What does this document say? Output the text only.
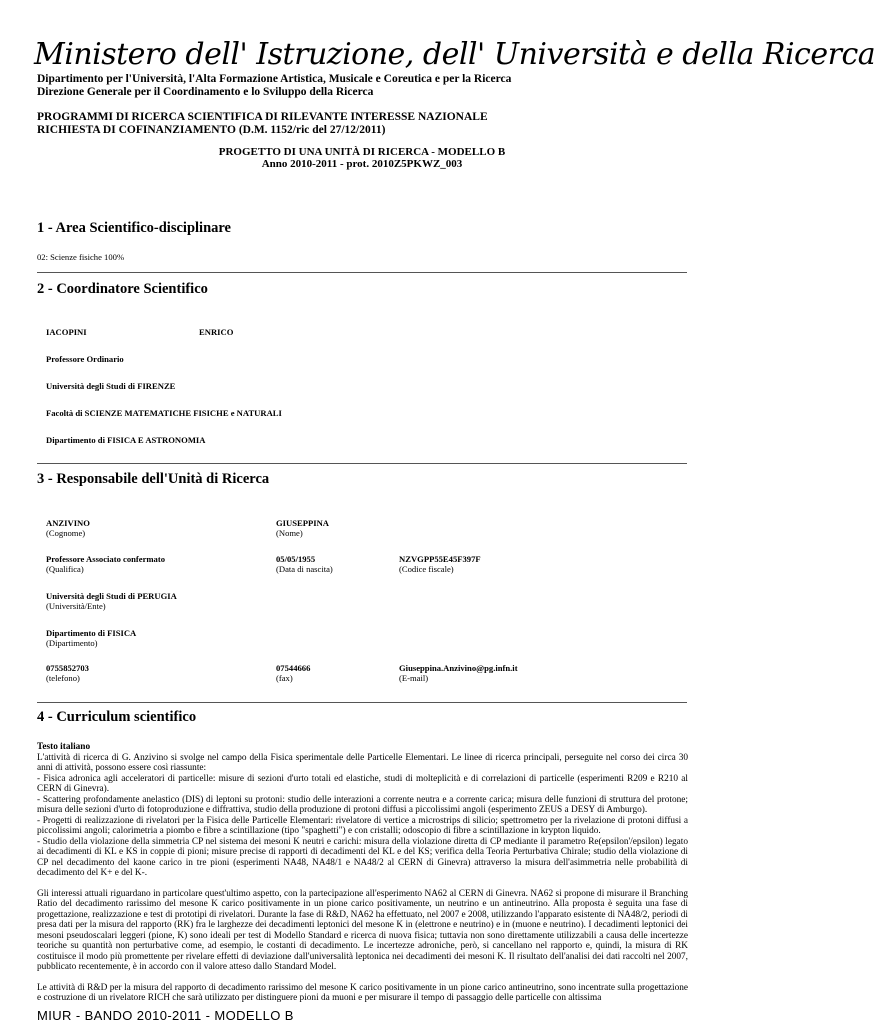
Ministero dell' Istruzione, dell' Università e della Ricerca
Dipartimento per l'Università, l'Alta Formazione Artistica, Musicale e Coreutica e per la Ricerca
Direzione Generale per il Coordinamento e lo Sviluppo della Ricerca
PROGRAMMI DI RICERCA SCIENTIFICA DI RILEVANTE INTERESSE NAZIONALE
RICHIESTA DI COFINANZIAMENTO (D.M. 1152/ric del 27/12/2011)
PROGETTO DI UNA UNITÀ DI RICERCA - MODELLO B
Anno 2010-2011 - prot. 2010Z5PKWZ_003
1 - Area Scientifico-disciplinare
02: Scienze fisiche 100%
2 - Coordinatore Scientifico
IACOPINI	ENRICO
Professore Ordinario
Università degli Studi di FIRENZE
Facoltà di SCIENZE MATEMATICHE FISICHE e NATURALI
Dipartimento di FISICA E ASTRONOMIA
3 - Responsabile dell'Unità di Ricerca
ANZIVINO
(Cognome)
GIUSEPPINA
(Nome)
Professore Associato confermato
(Qualifica)
05/05/1955
(Data di nascita)
NZVGPP55E45F397F
(Codice fiscale)
Università degli Studi di PERUGIA
(Università/Ente)
Dipartimento di FISICA
(Dipartimento)
0755852703
(telefono)
07544666
(fax)
Giuseppina.Anzivino@pg.infn.it
(E-mail)
4 - Curriculum scientifico

Testo italiano
L'attività di ricerca di G. Anzivino si svolge nel campo della Fisica sperimentale delle Particelle Elementari. Le linee di ricerca principali, perseguite nel corso dei circa 30 anni di attività, possono essere così riassunte:
- Fisica adronica agli acceleratori di particelle: misure di sezioni d'urto totali ed elastiche, studi di molteplicità e di correlazioni di particelle (esperimenti R209 e R210 al CERN di Ginevra).
- Scattering profondamente anelastico (DIS) di leptoni su protoni: studio delle interazioni a corrente neutra e a corrente carica; misura delle funzioni di struttura del protone; misura delle sezioni d'urto di fotoproduzione e diffrattiva, studio della produzione di protoni diffusi a piccolissimi angoli (esperimento ZEUS a DESY di Amburgo).
- Progetti di realizzazione di rivelatori per la Fisica delle Particelle Elementari: rivelatore di vertice a microstrips di silicio; spettrometro per la rivelazione di protoni diffusi a piccolissimi angoli; calorimetria a piombo e fibre a scintillazione (tipo "spaghetti") e con cristalli; odoscopio di fibre a scintillazione in krypton liquido.
- Studio della violazione della simmetria CP nel sistema dei mesoni K neutri e carichi: misura della violazione diretta di CP mediante il parametro Re(epsilon'/epsilon) legato ai decadimenti di KL e KS in coppie di pioni; misure precise di rapporti di decadimenti del KL e del KS; verifica della Teoria Perturbativa Chirale; studio della violazione di CP nel decadimento del kaone carico in tre pioni (esperimenti NA48, NA48/1 e NA48/2 al CERN di Ginevra) attraverso la misura dell'asimmetria nelle probabilità di decadimento del K+ e del K-.

Gli interessi attuali riguardano in particolare quest'ultimo aspetto, con la partecipazione all'esperimento NA62 al CERN di Ginevra. NA62 si propone di misurare il Branching Ratio del decadimento rarissimo del mesone K carico positivamente in un pione carico positivamente, un neutrino e un antineutrino. Alla proposta è seguita una fase di progettazione, realizzazione e test di prototipi di rivelatori. Durante la fase di R&D, NA62 ha effettuato, nel 2007 e 2008, utilizzando l'apparato esistente di NA48/2, periodi di presa dati per la misura del rapporto (RK) fra le larghezze dei decadimenti leptonici del mesone K in (elettrone e neutrino) e in (muone e neutrino). I decadimenti leptonici dei mesoni pseudoscalari leggeri (pione, K) sono ideali per test di Modello Standard e ricerca di nuova fisica; tuttavia non sono direttamente utilizzabili a causa delle incertezze teoriche su quantità non perturbative come, ad esempio, le costanti di decadimento. Le incertezze adroniche, però, si cancellano nel rapporto e, quindi, la misura di RK costituisce il modo più promettente per rivelare effetti di deviazione dall'universalità leptonica nei decadimenti dei mesoni K. Il risultato dell'analisi dei dati raccolti nel 2007, pubblicato recentemente, è in accordo con il valore atteso dallo Standard Model.

Le attività di R&D per la misura del rapporto di decadimento rarissimo del mesone K carico positivamente in un pione carico antineutrino, sono incentrate sulla progettazione e costruzione di un rivelatore RICH che sarà utilizzato per distinguere pioni da muoni e per misurare il tempo di passaggio delle particelle con altissima

MIUR - BANDO 2010-2011 - MODELLO B
